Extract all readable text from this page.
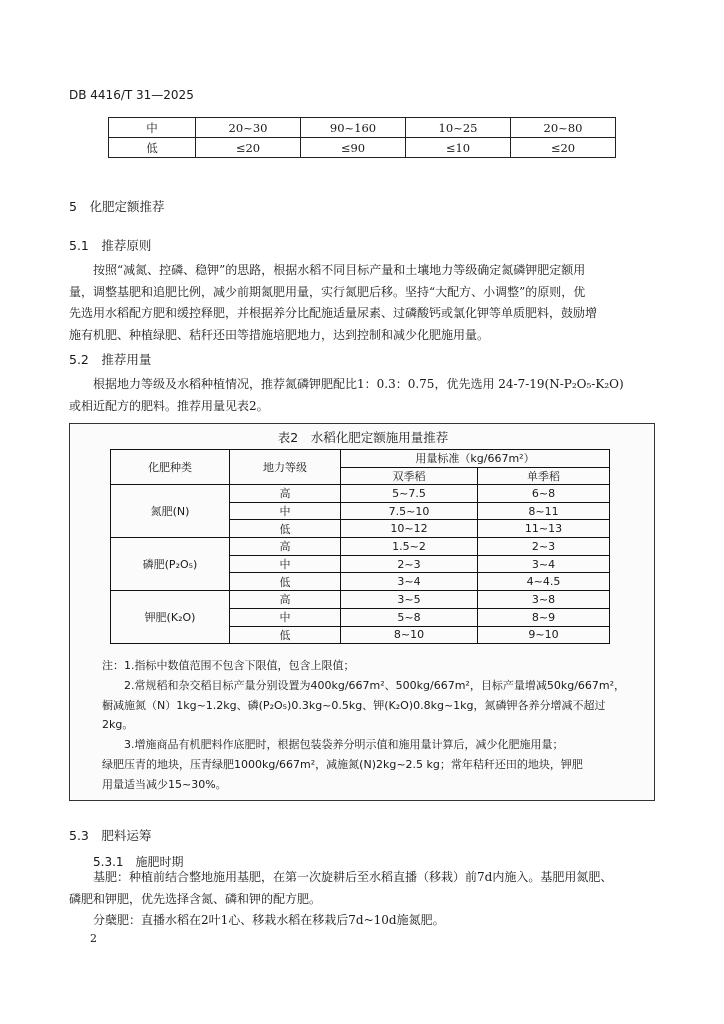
DB 4416/T 31—2025
中	20~30	90~160	10~25	20~80
低	≤20	≤90	≤10	≤20
5　化肥定额推荐
5.1　推荐原则
按照“减氮、控磷、稳钾”的思路，根据水稻不同目标产量和土壤地力等级确定氮磷钾肥定额用
量，调整基肥和追肥比例，减少前期氮肥用量，实行氮肥后移。坚持“大配方、小调整”的原则，优
先选用水稻配方肥和缓控释肥，并根据养分比配施适量尿素、过磷酸钙或氯化钾等单质肥料，鼓励增
施有机肥、种植绿肥、秸秆还田等措施培肥地力，达到控制和减少化肥施用量。
5.2　推荐用量
根据地力等级及水稻种植情况，推荐氮磷钾肥配比1：0.3：0.75，优先选用 24-7-19(N-P₂O₅-K₂O)
或相近配方的肥料。推荐用量见表2。
表2　水稻化肥定额施用量推荐
化肥种类	地力等级	用量标准（kg/667m²）	
		双季稻	单季稻
氮肥(N)	高	5~7.5	6~8
	中	7.5~10	8~11
	低	10~12	11~13
磷肥(P₂O₅)	高	1.5~2	2~3
	中	2~3	3~4
	低	3~4	4~4.5
钾肥(K₂O)	高	3~5	3~8
	中	5~8	8~9
	低	8~10	9~10
注：1.指标中数值范围不包含下限值，包含上限值；
　　2.常规稻和杂交稻目标产量分别设置为400kg/667m²、500kg/667m²，目标产量增减50kg/667m²，
橱减施氮（N）1kg~1.2kg、磷(P₂O₅)0.3kg~0.5kg、钾(K₂O)0.8kg~1kg，氮磷钾各养分增减不超过
2kg。
　　3.增施商品有机肥料作底肥时，根据包装袋养分明示值和施用量计算后，减少化肥施用量；
绿肥压青的地块，压青绿肥1000kg/667m²，减施氮(N)2kg~2.5 kg；常年秸秆还田的地块，钾肥
用量适当减少15~30%。
5.3　肥料运筹
5.3.1　施肥时期
基肥：种植前结合整地施用基肥，在第一次旋耕后至水稻直播（移栽）前7d内施入。基肥用氮肥、
磷肥和钾肥，优先选择含氮、磷和钾的配方肥。
分蘖肥：直播水稻在2叶1心、移栽水稻在移栽后7d~10d施氮肥。
2
